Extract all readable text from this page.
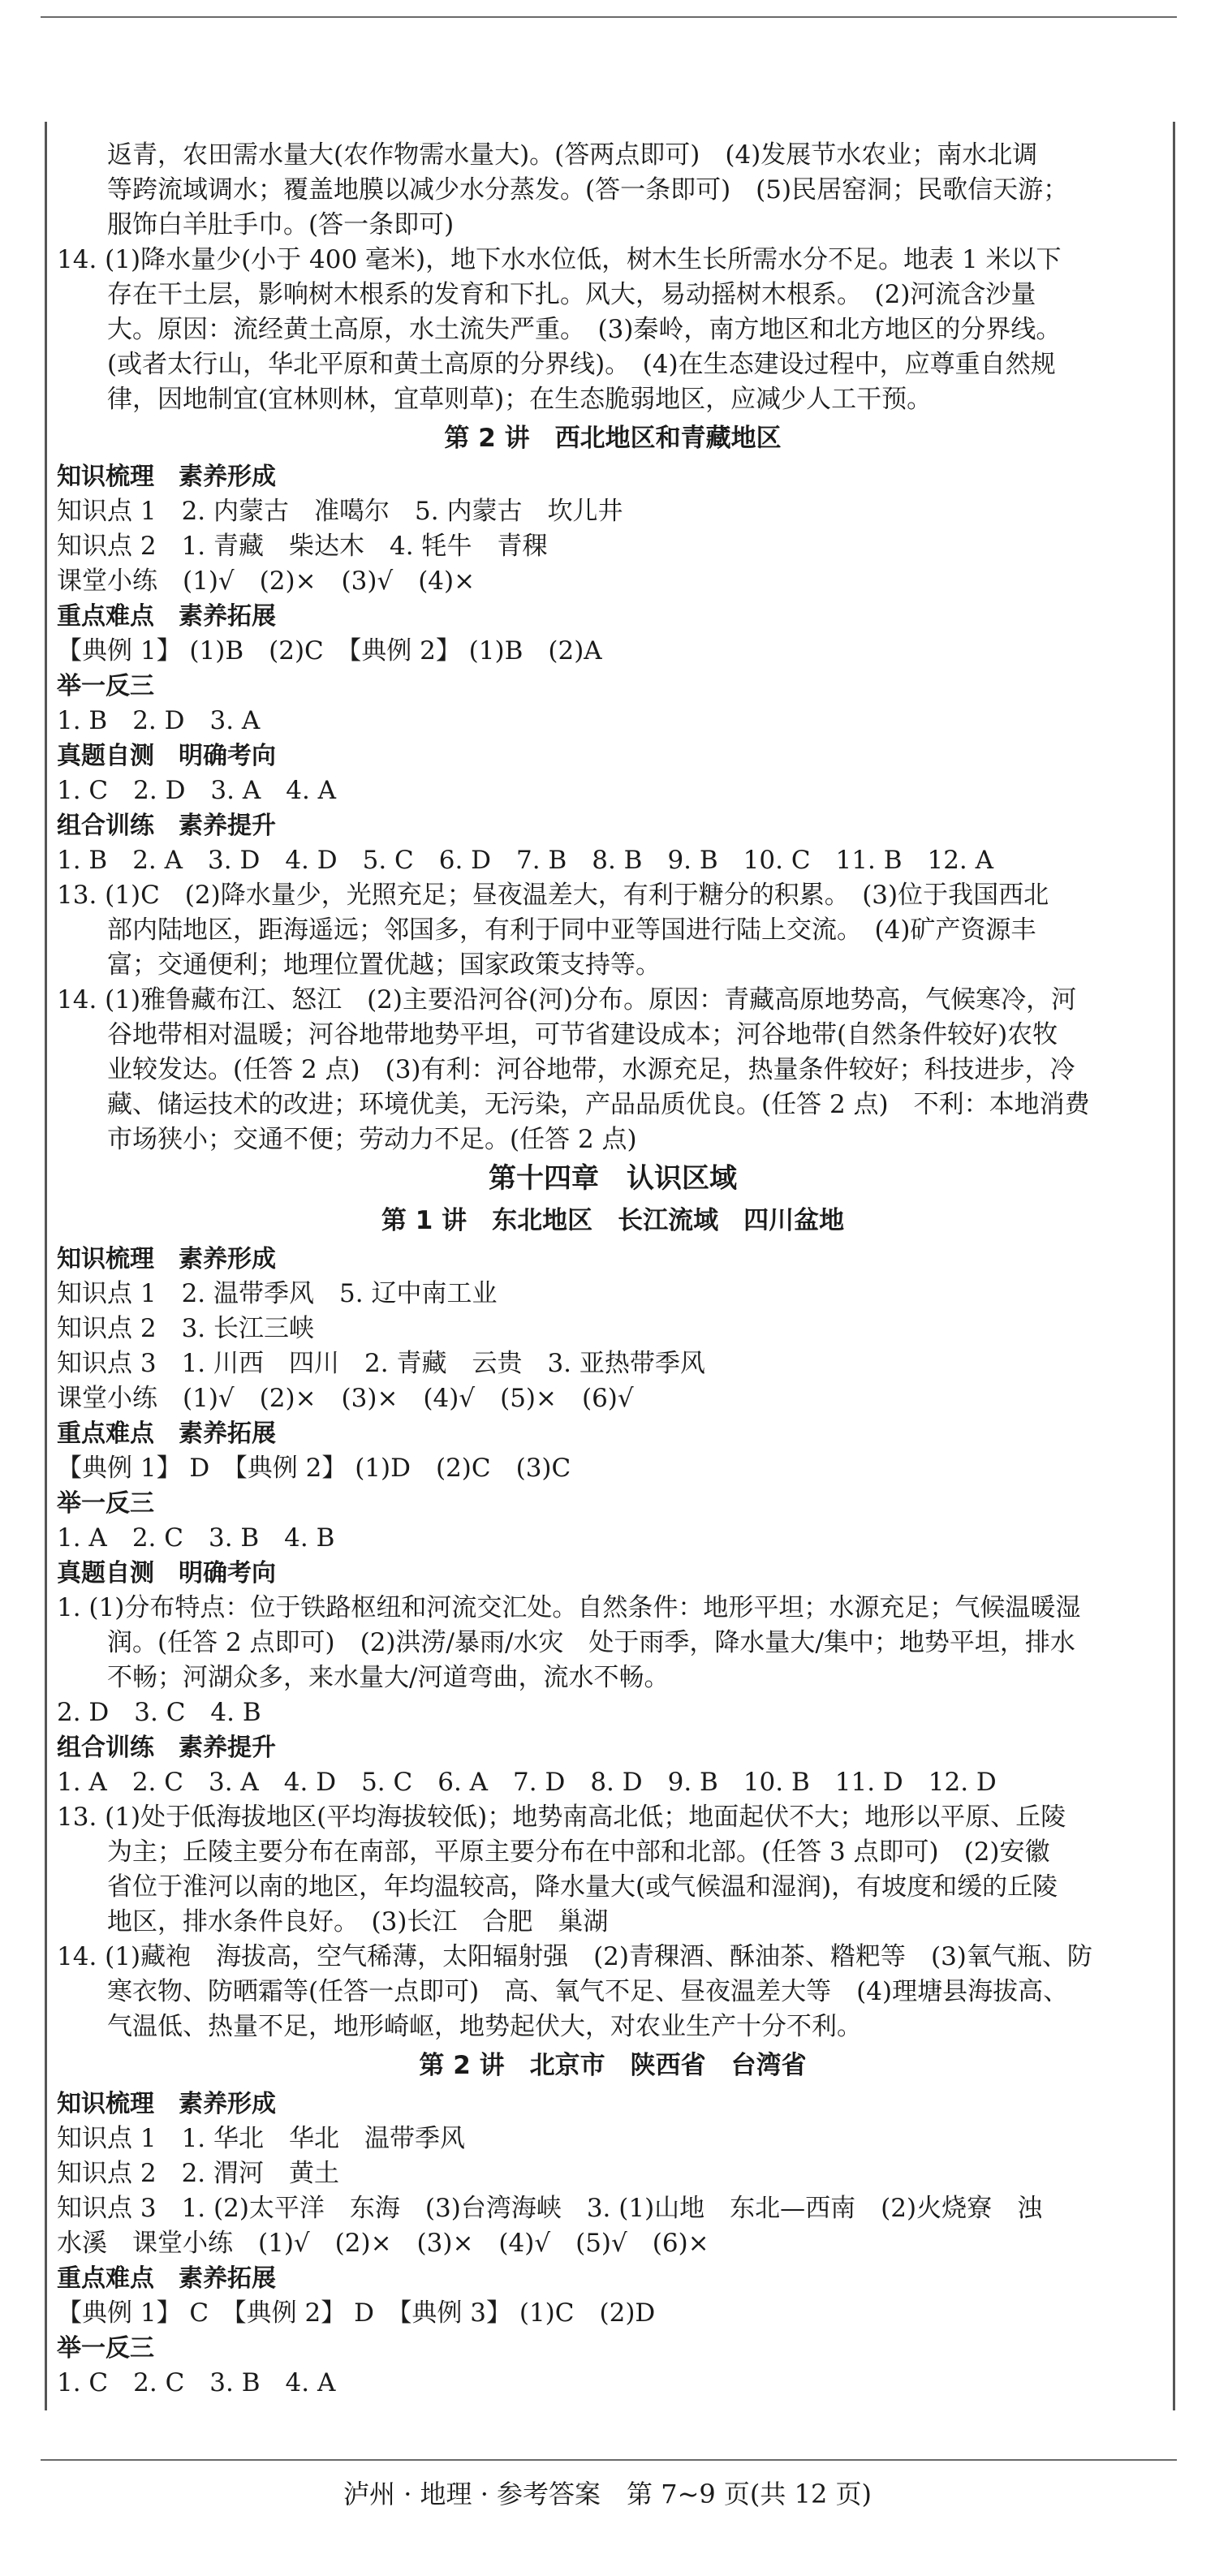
返青，农田需水量大(农作物需水量大)。(答两点即可)　(4)发展节水农业；南水北调
等跨流域调水；覆盖地膜以减少水分蒸发。(答一条即可)　(5)民居窑洞；民歌信天游；
服饰白羊肚手巾。(答一条即可)
14. (1)降水量少(小于 400 毫米)，地下水水位低，树木生长所需水分不足。地表 1 米以下
存在干土层，影响树木根系的发育和下扎。风大，易动摇树木根系。　(2)河流含沙量
大。原因：流经黄土高原，水土流失严重。　(3)秦岭，南方地区和北方地区的分界线。
(或者太行山，华北平原和黄土高原的分界线)。　(4)在生态建设过程中，应尊重自然规
律，因地制宜(宜林则林，宜草则草)；在生态脆弱地区，应减少人工干预。
第 2 讲　西北地区和青藏地区
知识梳理　素养形成
知识点 1　2. 内蒙古　准噶尔　5. 内蒙古　坎儿井
知识点 2　1. 青藏　柴达木　4. 牦牛　青稞
课堂小练　(1)√　(2)×　(3)√　(4)×
重点难点　素养拓展
【典例 1】 (1)B　(2)C　【典例 2】 (1)B　(2)A
举一反三
1. B　2. D　3. A
真题自测　明确考向
1. C　2. D　3. A　4. A
组合训练　素养提升
1. B　2. A　3. D　4. D　5. C　6. D　7. B　8. B　9. B　10. C　11. B　12. A
13. (1)C　(2)降水量少，光照充足；昼夜温差大，有利于糖分的积累。　(3)位于我国西北
部内陆地区，距海遥远；邻国多，有利于同中亚等国进行陆上交流。　(4)矿产资源丰
富；交通便利；地理位置优越；国家政策支持等。
14. (1)雅鲁藏布江、怒江　(2)主要沿河谷(河)分布。原因：青藏高原地势高，气候寒冷，河
谷地带相对温暖；河谷地带地势平坦，可节省建设成本；河谷地带(自然条件较好)农牧
业较发达。(任答 2 点)　(3)有利：河谷地带，水源充足，热量条件较好；科技进步，冷
藏、储运技术的改进；环境优美，无污染，产品品质优良。(任答 2 点)　不利：本地消费
市场狭小；交通不便；劳动力不足。(任答 2 点)
第十四章　认识区域
第 1 讲　东北地区　长江流域　四川盆地
知识梳理　素养形成
知识点 1　2. 温带季风　5. 辽中南工业
知识点 2　3. 长江三峡
知识点 3　1. 川西　四川　2. 青藏　云贵　3. 亚热带季风
课堂小练　(1)√　(2)×　(3)×　(4)√　(5)×　(6)√
重点难点　素养拓展
【典例 1】 D　【典例 2】 (1)D　(2)C　(3)C
举一反三
1. A　2. C　3. B　4. B
真题自测　明确考向
1. (1)分布特点：位于铁路枢纽和河流交汇处。自然条件：地形平坦；水源充足；气候温暖湿
润。(任答 2 点即可)　(2)洪涝/暴雨/水灾　处于雨季，降水量大/集中；地势平坦，排水
不畅；河湖众多，来水量大/河道弯曲，流水不畅。
2. D　3. C　4. B
组合训练　素养提升
1. A　2. C　3. A　4. D　5. C　6. A　7. D　8. D　9. B　10. B　11. D　12. D
13. (1)处于低海拔地区(平均海拔较低)；地势南高北低；地面起伏不大；地形以平原、丘陵
为主；丘陵主要分布在南部，平原主要分布在中部和北部。(任答 3 点即可)　(2)安徽
省位于淮河以南的地区，年均温较高，降水量大(或气候温和湿润)，有坡度和缓的丘陵
地区，排水条件良好。　(3)长江　合肥　巢湖
14. (1)藏袍　海拔高，空气稀薄，太阳辐射强　(2)青稞酒、酥油茶、糌粑等　(3)氧气瓶、防
寒衣物、防晒霜等(任答一点即可)　高、氧气不足、昼夜温差大等　(4)理塘县海拔高、
气温低、热量不足，地形崎岖，地势起伏大，对农业生产十分不利。
第 2 讲　北京市　陕西省　台湾省
知识梳理　素养形成
知识点 1　1. 华北　华北　温带季风
知识点 2　2. 渭河　黄土
知识点 3　1. (2)太平洋　东海　(3)台湾海峡　3. (1)山地　东北—西南　(2)火烧寮　浊
水溪　课堂小练　(1)√　(2)×　(3)×　(4)√　(5)√　(6)×
重点难点　素养拓展
【典例 1】 C　【典例 2】 D　【典例 3】 (1)C　(2)D
举一反三
1. C　2. C　3. B　4. A
泸州 · 地理 · 参考答案　第 7~9 页(共 12 页)
